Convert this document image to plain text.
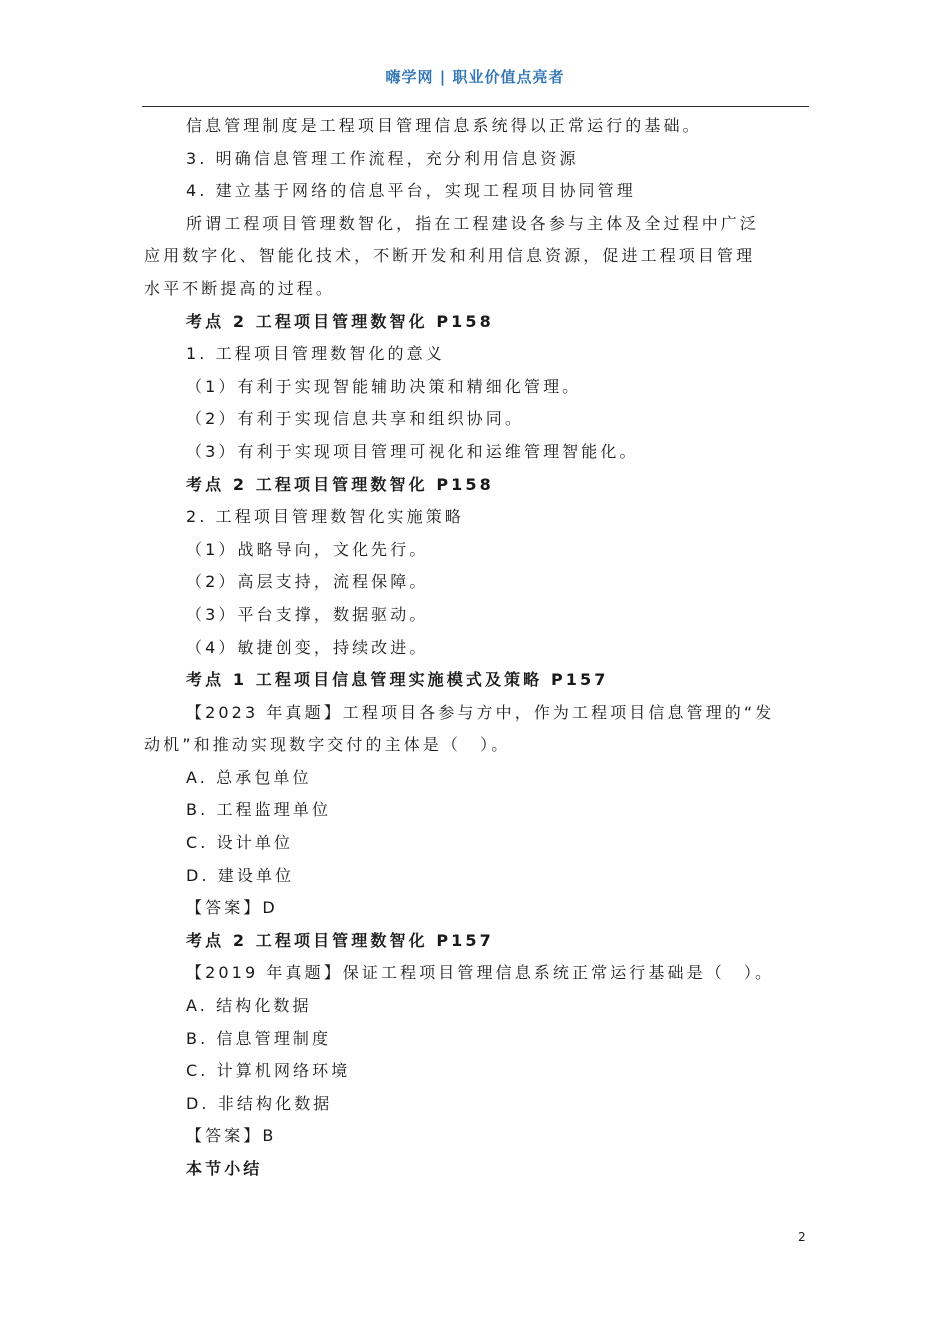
嗨学网 | 职业价值点亮者
信息管理制度是工程项目管理信息系统得以正常运行的基础。
3. 明确信息管理工作流程，充分利用信息资源
4. 建立基于网络的信息平台，实现工程项目协同管理
所谓工程项目管理数智化，指在工程建设各参与主体及全过程中广泛
应用数字化、智能化技术，不断开发和利用信息资源，促进工程项目管理
水平不断提高的过程。
考点 2 工程项目管理数智化 P158
1. 工程项目管理数智化的意义
（1）有利于实现智能辅助决策和精细化管理。
（2）有利于实现信息共享和组织协同。
（3）有利于实现项目管理可视化和运维管理智能化。
考点 2 工程项目管理数智化 P158
2. 工程项目管理数智化实施策略
（1）战略导向，文化先行。
（2）高层支持，流程保障。
（3）平台支撑，数据驱动。
（4）敏捷创变，持续改进。
考点 1 工程项目信息管理实施模式及策略 P157
【2023 年真题】工程项目各参与方中，作为工程项目信息管理的“发
动机”和推动实现数字交付的主体是（　）。
A. 总承包单位
B. 工程监理单位
C. 设计单位
D. 建设单位
【答案】D
考点 2 工程项目管理数智化 P157
【2019 年真题】保证工程项目管理信息系统正常运行基础是（　）。
A. 结构化数据
B. 信息管理制度
C. 计算机网络环境
D. 非结构化数据
【答案】B
本节小结
2
